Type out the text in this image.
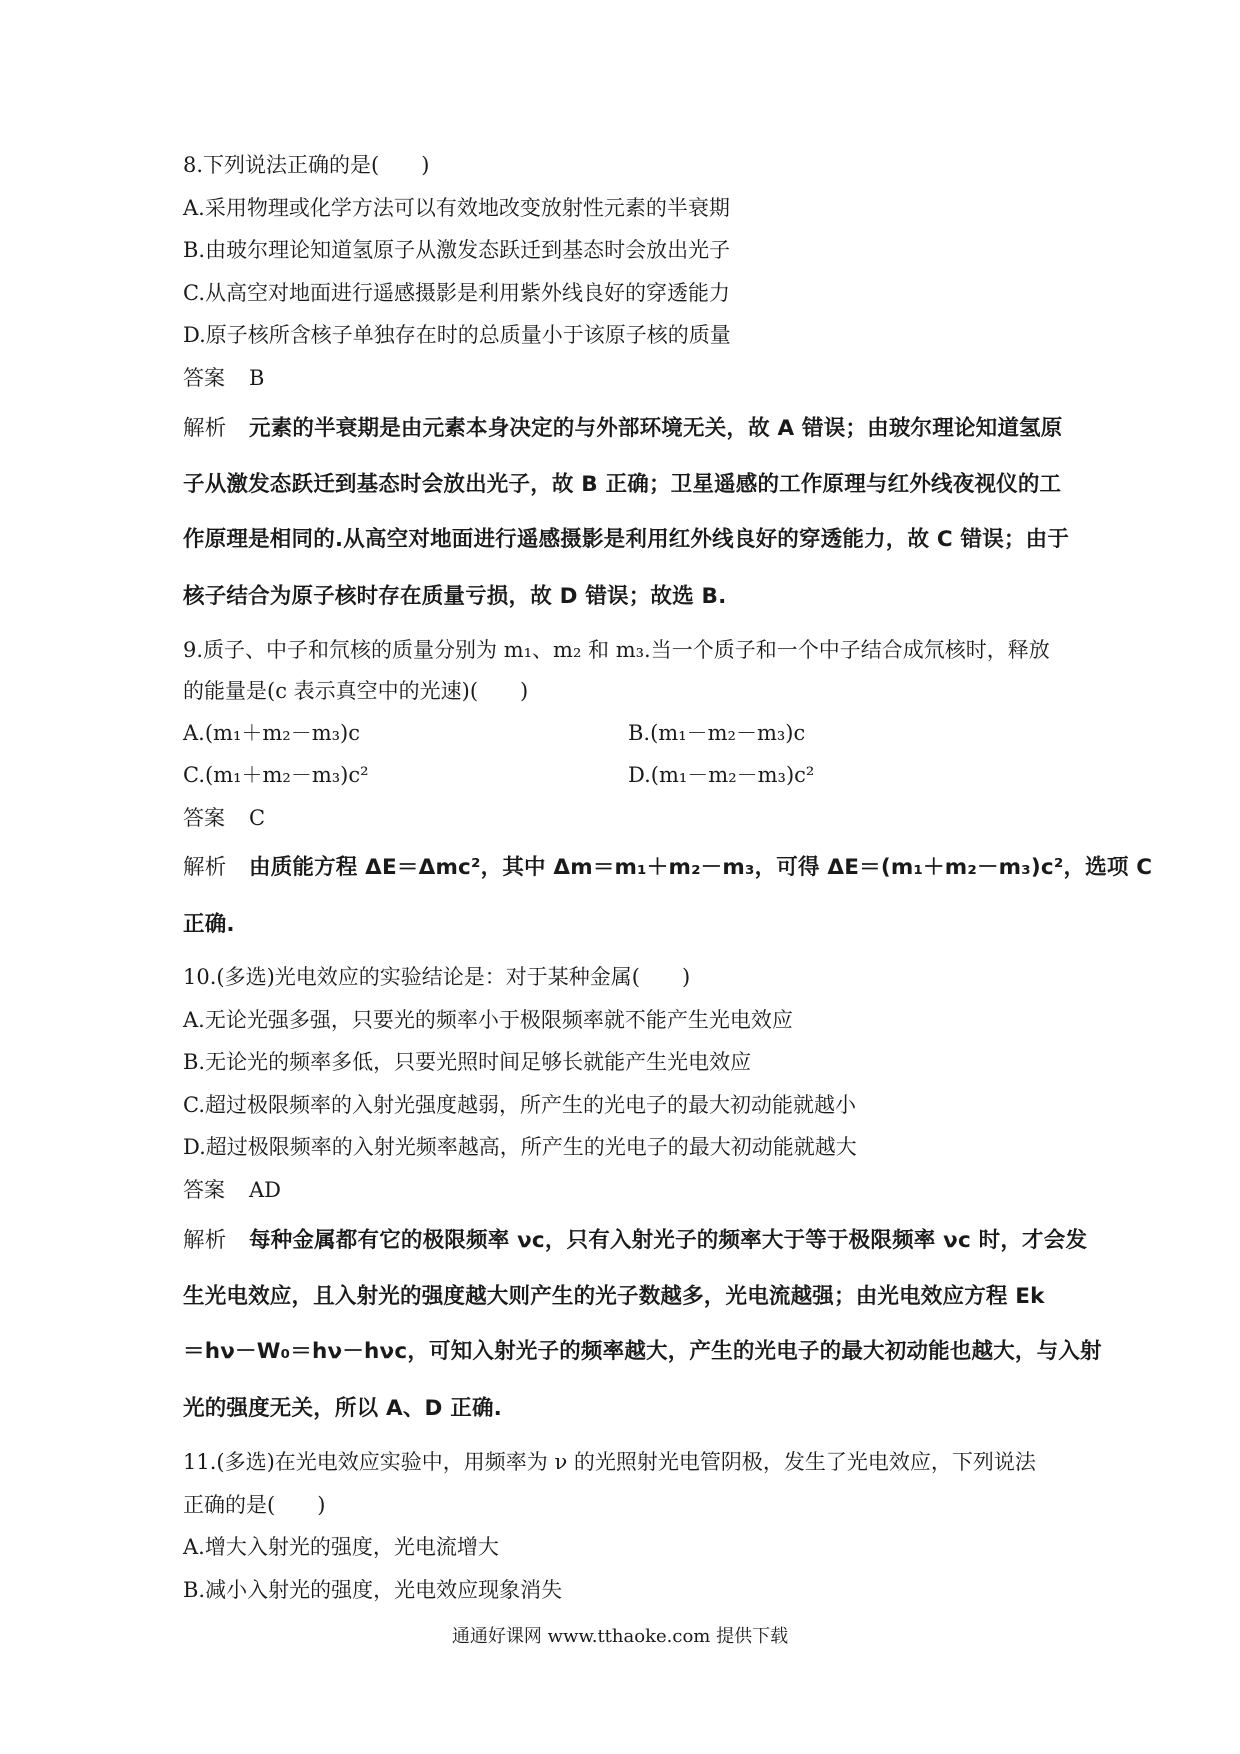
8.下列说法正确的是(　　)
A.采用物理或化学方法可以有效地改变放射性元素的半衰期
B.由玻尔理论知道氢原子从激发态跃迁到基态时会放出光子
C.从高空对地面进行遥感摄影是利用紫外线良好的穿透能力
D.原子核所含核子单独存在时的总质量小于该原子核的质量
答案 B
解析 元素的半衰期是由元素本身决定的与外部环境无关，故 A 错误；由玻尔理论知道氢原
子从激发态跃迁到基态时会放出光子，故 B 正确；卫星遥感的工作原理与红外线夜视仪的工
作原理是相同的.从高空对地面进行遥感摄影是利用红外线良好的穿透能力，故 C 错误；由于
核子结合为原子核时存在质量亏损，故 D 错误；故选 B.
9.质子、中子和氘核的质量分别为 m₁、m₂ 和 m₃.当一个质子和一个中子结合成氘核时，释放
的能量是(c 表示真空中的光速)(　　)
A.(m₁＋m₂－m₃)c	B.(m₁－m₂－m₃)c
C.(m₁＋m₂－m₃)c²	D.(m₁－m₂－m₃)c²
答案 C
解析 由质能方程 ΔE＝Δmc²，其中 Δm＝m₁＋m₂－m₃，可得 ΔE＝(m₁＋m₂－m₃)c²，选项 C
正确.
10.(多选)光电效应的实验结论是：对于某种金属(　　)
A.无论光强多强，只要光的频率小于极限频率就不能产生光电效应
B.无论光的频率多低，只要光照时间足够长就能产生光电效应
C.超过极限频率的入射光强度越弱，所产生的光电子的最大初动能就越小
D.超过极限频率的入射光频率越高，所产生的光电子的最大初动能就越大
答案 AD
解析 每种金属都有它的极限频率 νc，只有入射光子的频率大于等于极限频率 νc 时，才会发
生光电效应，且入射光的强度越大则产生的光子数越多，光电流越强；由光电效应方程 Ek
＝hν－W₀＝hν－hνc，可知入射光子的频率越大，产生的光电子的最大初动能也越大，与入射
光的强度无关，所以 A、D 正确.
11.(多选)在光电效应实验中，用频率为 ν 的光照射光电管阴极，发生了光电效应，下列说法
正确的是(　　)
A.增大入射光的强度，光电流增大
B.减小入射光的强度，光电效应现象消失
通通好课网 www.tthaoke.com 提供下载
